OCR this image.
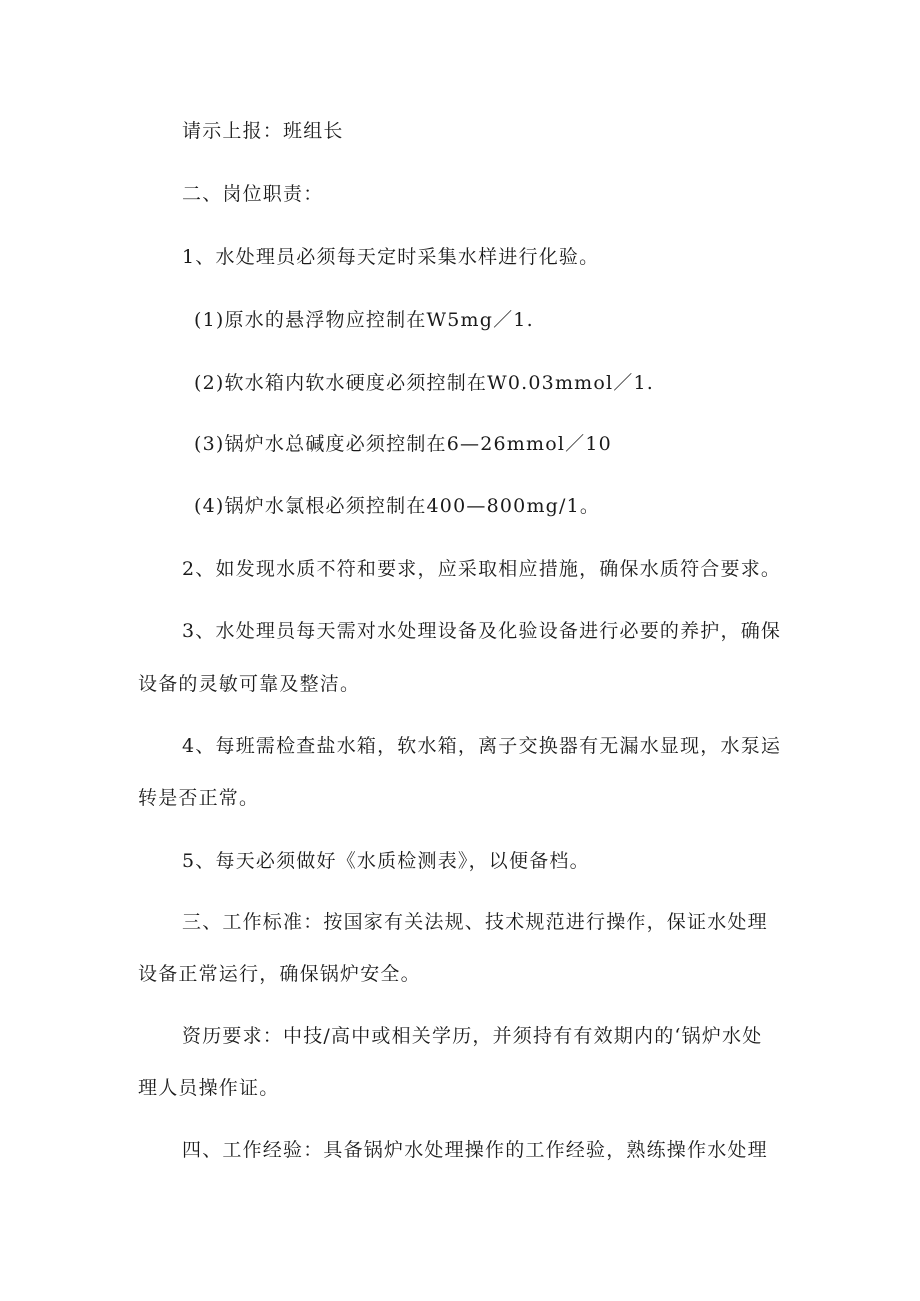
请示上报：班组长
二、岗位职责：
1、水处理员必须每天定时采集水样进行化验。
(1)原水的悬浮物应控制在W5mg／1.
(2)软水箱内软水硬度必须控制在W0.03mmol／1.
(3)锅炉水总碱度必须控制在6—26mmol／10
(4)锅炉水氯根必须控制在400—800mg/1。
2、如发现水质不符和要求，应采取相应措施，确保水质符合要求。
3、水处理员每天需对水处理设备及化验设备进行必要的养护，确保
设备的灵敏可靠及整洁。
4、每班需检查盐水箱，软水箱，离子交换器有无漏水显现，水泵运
转是否正常。
5、每天必须做好《水质检测表》，以便备档。
三、工作标准：按国家有关法规、技术规范进行操作，保证水处理
设备正常运行，确保锅炉安全。
资历要求：中技/高中或相关学历，并须持有有效期内的‘锅炉水处
理人员操作证。
四、工作经验：具备锅炉水处理操作的工作经验，熟练操作水处理
